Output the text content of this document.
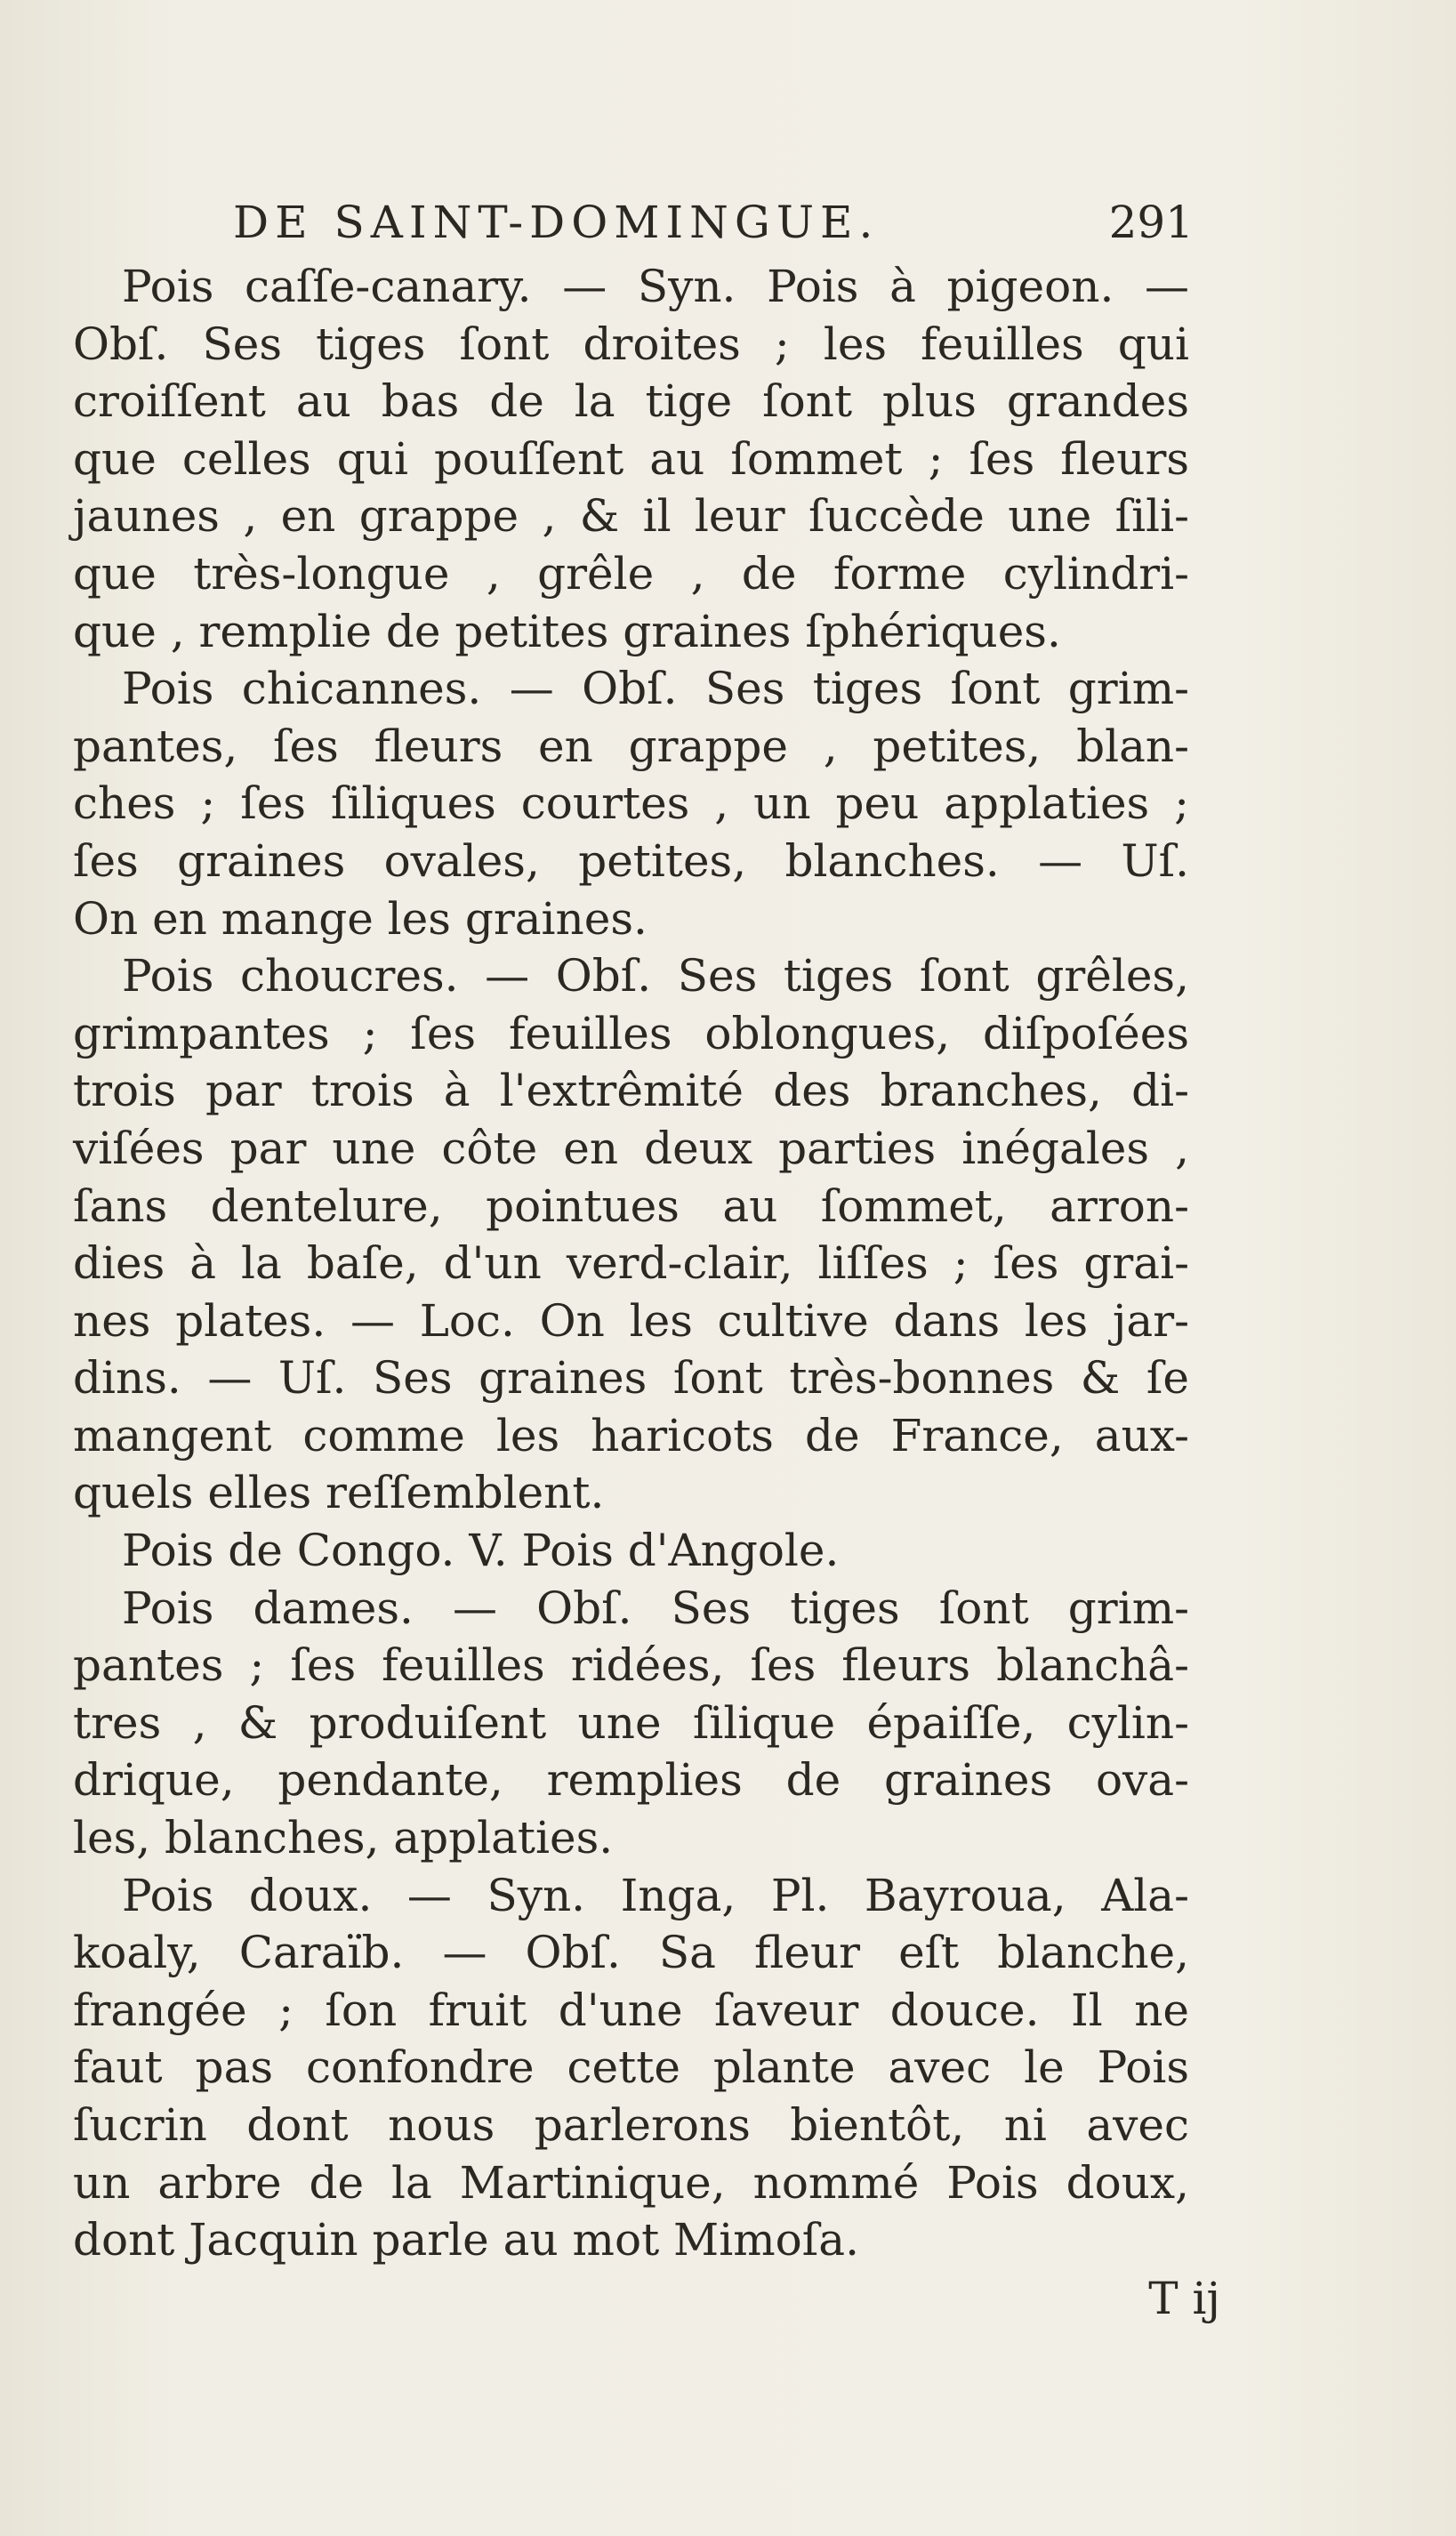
DE SAINT-DOMINGUE.	291
Pois caſſe-canary. — Syn. Pois à pigeon. —
Obſ. Ses tiges ſont droites ; les feuilles qui
croiſſent au bas de la tige ſont plus grandes
que celles qui pouſſent au ſommet ; ſes fleurs
jaunes , en grappe , & il leur ſuccède une ſili-
que très-longue , grêle , de forme cylindri-
que , remplie de petites graines ſphériques.
Pois chicannes. — Obſ. Ses tiges ſont grim-
pantes, ſes fleurs en grappe , petites, blan-
ches ; ſes ſiliques courtes , un peu applaties ;
ſes graines ovales, petites, blanches. — Uſ.
On en mange les graines.
Pois choucres. — Obſ. Ses tiges ſont grêles,
grimpantes ; ſes feuilles oblongues, diſpoſées
trois par trois à l'extrêmité des branches, di-
viſées par une côte en deux parties inégales ,
ſans dentelure, pointues au ſommet, arron-
dies à la baſe, d'un verd-clair, liſſes ; ſes grai-
nes plates. — Loc. On les cultive dans les jar-
dins. — Uſ. Ses graines ſont très-bonnes & ſe
mangent comme les haricots de France, aux-
quels elles reſſemblent.
Pois de Congo. V. Pois d'Angole.
Pois dames. — Obſ. Ses tiges ſont grim-
pantes ; ſes feuilles ridées, ſes fleurs blanchâ-
tres , & produiſent une ſilique épaiſſe, cylin-
drique, pendante, remplies de graines ova-
les, blanches, applaties.
Pois doux. — Syn. Inga, Pl. Bayroua, Ala-
koaly, Caraïb. — Obſ. Sa fleur eſt blanche,
frangée ; ſon fruit d'une ſaveur douce. Il ne
faut pas confondre cette plante avec le Pois
ſucrin dont nous parlerons bientôt, ni avec
un arbre de la Martinique, nommé Pois doux,
dont Jacquin parle au mot Mimoſa.
T ij
